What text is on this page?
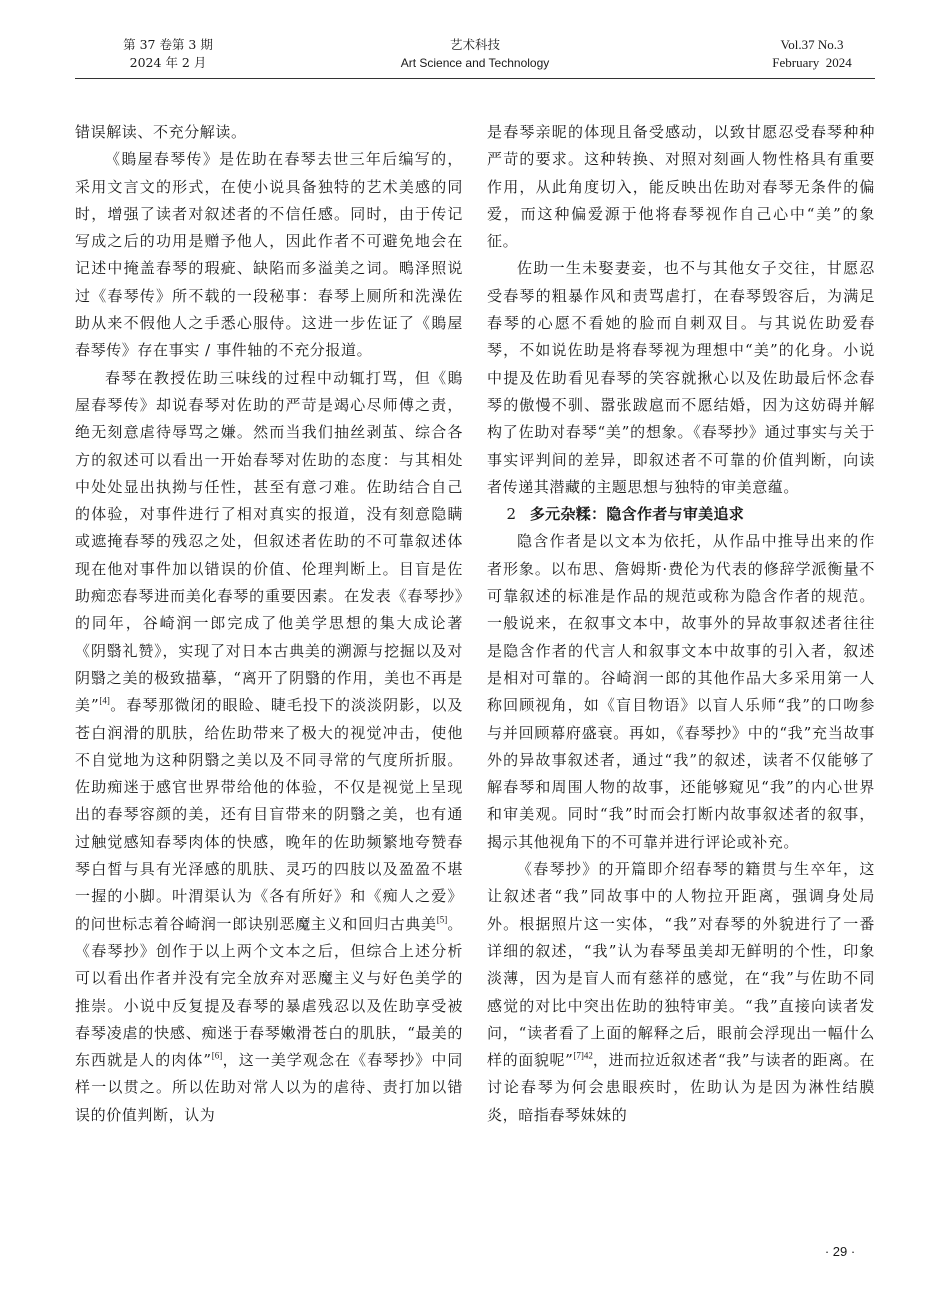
第 37 卷第 3 期
2024 年 2 月
艺术科技
Art Science and Technology
Vol.37 No.3
February  2024

错误解读、不充分解读。

《鵙屋春琴传》是佐助在春琴去世三年后编写的，采用文言文的形式，在使小说具备独特的艺术美感的同时，增强了读者对叙述者的不信任感。同时，由于传记写成之后的功用是赠予他人，因此作者不可避免地会在记述中掩盖春琴的瑕疵、缺陷而多溢美之词。鴫泽照说过《春琴传》所不载的一段秘事：春琴上厕所和洗澡佐助从来不假他人之手悉心服侍。这进一步佐证了《鵙屋春琴传》存在事实 / 事件轴的不充分报道。

春琴在教授佐助三味线的过程中动辄打骂，但《鵙屋春琴传》却说春琴对佐助的严苛是竭心尽师傅之责，绝无刻意虐待辱骂之嫌。然而当我们抽丝剥茧、综合各方的叙述可以看出一开始春琴对佐助的态度：与其相处中处处显出执拗与任性，甚至有意刁难。佐助结合自己的体验，对事件进行了相对真实的报道，没有刻意隐瞒或遮掩春琴的残忍之处，但叙述者佐助的不可靠叙述体现在他对事件加以错误的价值、伦理判断上。目盲是佐助痴恋春琴进而美化春琴的重要因素。在发表《春琴抄》的同年，谷崎润一郎完成了他美学思想的集大成论著《阴翳礼赞》，实现了对日本古典美的溯源与挖掘以及对阴翳之美的极致描摹，“离开了阴翳的作用，美也不再是美”[4]。春琴那微闭的眼睑、睫毛投下的淡淡阴影，以及苍白润滑的肌肤，给佐助带来了极大的视觉冲击，使他不自觉地为这种阴翳之美以及不同寻常的气度所折服。佐助痴迷于感官世界带给他的体验，不仅是视觉上呈现出的春琴容颜的美，还有目盲带来的阴翳之美，也有通过触觉感知春琴肉体的快感，晚年的佐助频繁地夸赞春琴白皙与具有光泽感的肌肤、灵巧的四肢以及盈盈不堪一握的小脚。叶渭渠认为《各有所好》和《痴人之爱》的问世标志着谷崎润一郎诀别恶魔主义和回归古典美[5]。《春琴抄》创作于以上两个文本之后，但综合上述分析可以看出作者并没有完全放弃对恶魔主义与好色美学的推崇。小说中反复提及春琴的暴虐残忍以及佐助享受被春琴凌虐的快感、痴迷于春琴嫩滑苍白的肌肤，“最美的东西就是人的肉体”[6]，这一美学观念在《春琴抄》中同样一以贯之。所以佐助对常人以为的虐待、责打加以错误的价值判断，认为

是春琴亲昵的体现且备受感动，以致甘愿忍受春琴种种严苛的要求。这种转换、对照对刻画人物性格具有重要作用，从此角度切入，能反映出佐助对春琴无条件的偏爱，而这种偏爱源于他将春琴视作自己心中“美”的象征。

佐助一生未娶妻妾，也不与其他女子交往，甘愿忍受春琴的粗暴作风和责骂虐打，在春琴毁容后，为满足春琴的心愿不看她的脸而自刺双目。与其说佐助爱春琴，不如说佐助是将春琴视为理想中“美”的化身。小说中提及佐助看见春琴的笑容就揪心以及佐助最后怀念春琴的傲慢不驯、嚣张跋扈而不愿结婚，因为这妨碍并解构了佐助对春琴“美”的想象。《春琴抄》通过事实与关于事实评判间的差异，即叙述者不可靠的价值判断，向读者传递其潜藏的主题思想与独特的审美意蕴。

2 多元杂糅：隐含作者与审美追求

隐含作者是以文本为依托，从作品中推导出来的作者形象。以布思、詹姆斯·费伦为代表的修辞学派衡量不可靠叙述的标准是作品的规范或称为隐含作者的规范。一般说来，在叙事文本中，故事外的异故事叙述者往往是隐含作者的代言人和叙事文本中故事的引入者，叙述是相对可靠的。谷崎润一郎的其他作品大多采用第一人称回顾视角，如《盲目物语》以盲人乐师“我”的口吻参与并回顾幕府盛衰。再如，《春琴抄》中的“我”充当故事外的异故事叙述者，通过“我”的叙述，读者不仅能够了解春琴和周围人物的故事，还能够窥见“我”的内心世界和审美观。同时“我”时而会打断内故事叙述者的叙事，揭示其他视角下的不可靠并进行评论或补充。

《春琴抄》的开篇即介绍春琴的籍贯与生卒年，这让叙述者“我”同故事中的人物拉开距离，强调身处局外。根据照片这一实体，“我”对春琴的外貌进行了一番详细的叙述，“我”认为春琴虽美却无鲜明的个性，印象淡薄，因为是盲人而有慈祥的感觉，在“我”与佐助不同感觉的对比中突出佐助的独特审美。“我”直接向读者发问，“读者看了上面的解释之后，眼前会浮现出一幅什么样的面貌呢”$^{[7]42}$，进而拉近叙述者“我”与读者的距离。在讨论春琴为何会患眼疾时，佐助认为是因为淋性结膜炎，暗指春琴妹妹的

· 29 ·
